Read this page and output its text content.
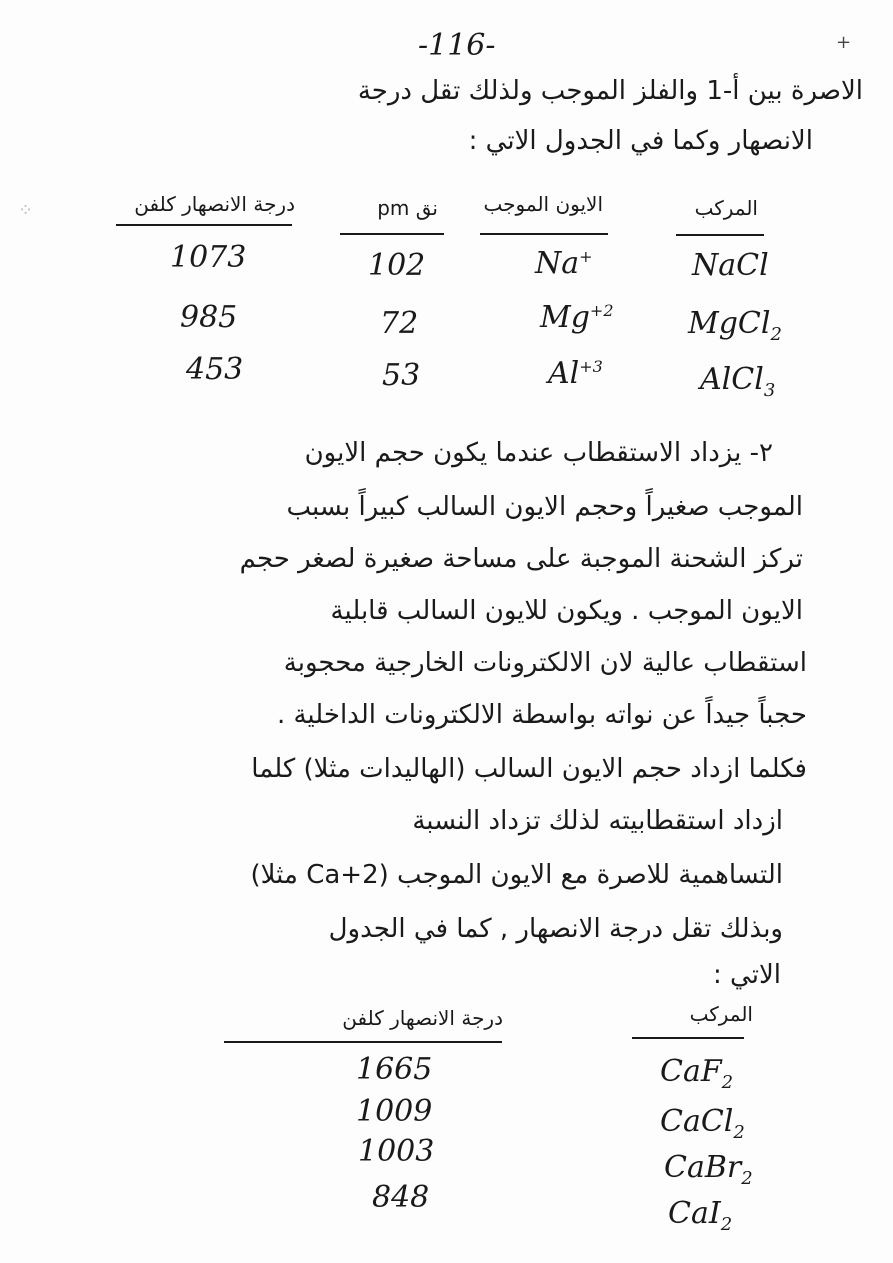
+
⁘
-116-
الاصرة بين أ-1 والفلز الموجب ولذلك تقل درجة
الانصهار وكما في الجدول الاتي :
المركب
الايون الموجب
نق pm
درجة الانصهار كلفن
NaCl
Na+
102
1073
MgCl$_2$
$Mg^{+2}$
72
985
AlCl$_3$
$Al^{+3}$
53
453
٢- يزداد الاستقطاب عندما يكون حجم الايون
الموجب صغيراً وحجم الايون السالب كبيراً بسبب
تركز الشحنة الموجبة على مساحة صغيرة لصغر حجم
الايون الموجب . ويكون للايون السالب قابلية
استقطاب عالية لان الالكترونات الخارجية محجوبة
حجباً جيداً عن نواته بواسطة الالكترونات الداخلية .
فكلما ازداد حجم الايون السالب (الهاليدات مثلا) كلما
ازداد استقطابيته لذلك تزداد النسبة
التساهمية للاصرة مع الايون الموجب (Ca+2 مثلا)
وبذلك تقل درجة الانصهار , كما في الجدول
الاتي :
المركب
درجة الانصهار كلفن
CaF$_2$
1665
CaCl$_2$
1009
CaBr$_2$
1003
CaI$_2$
848
